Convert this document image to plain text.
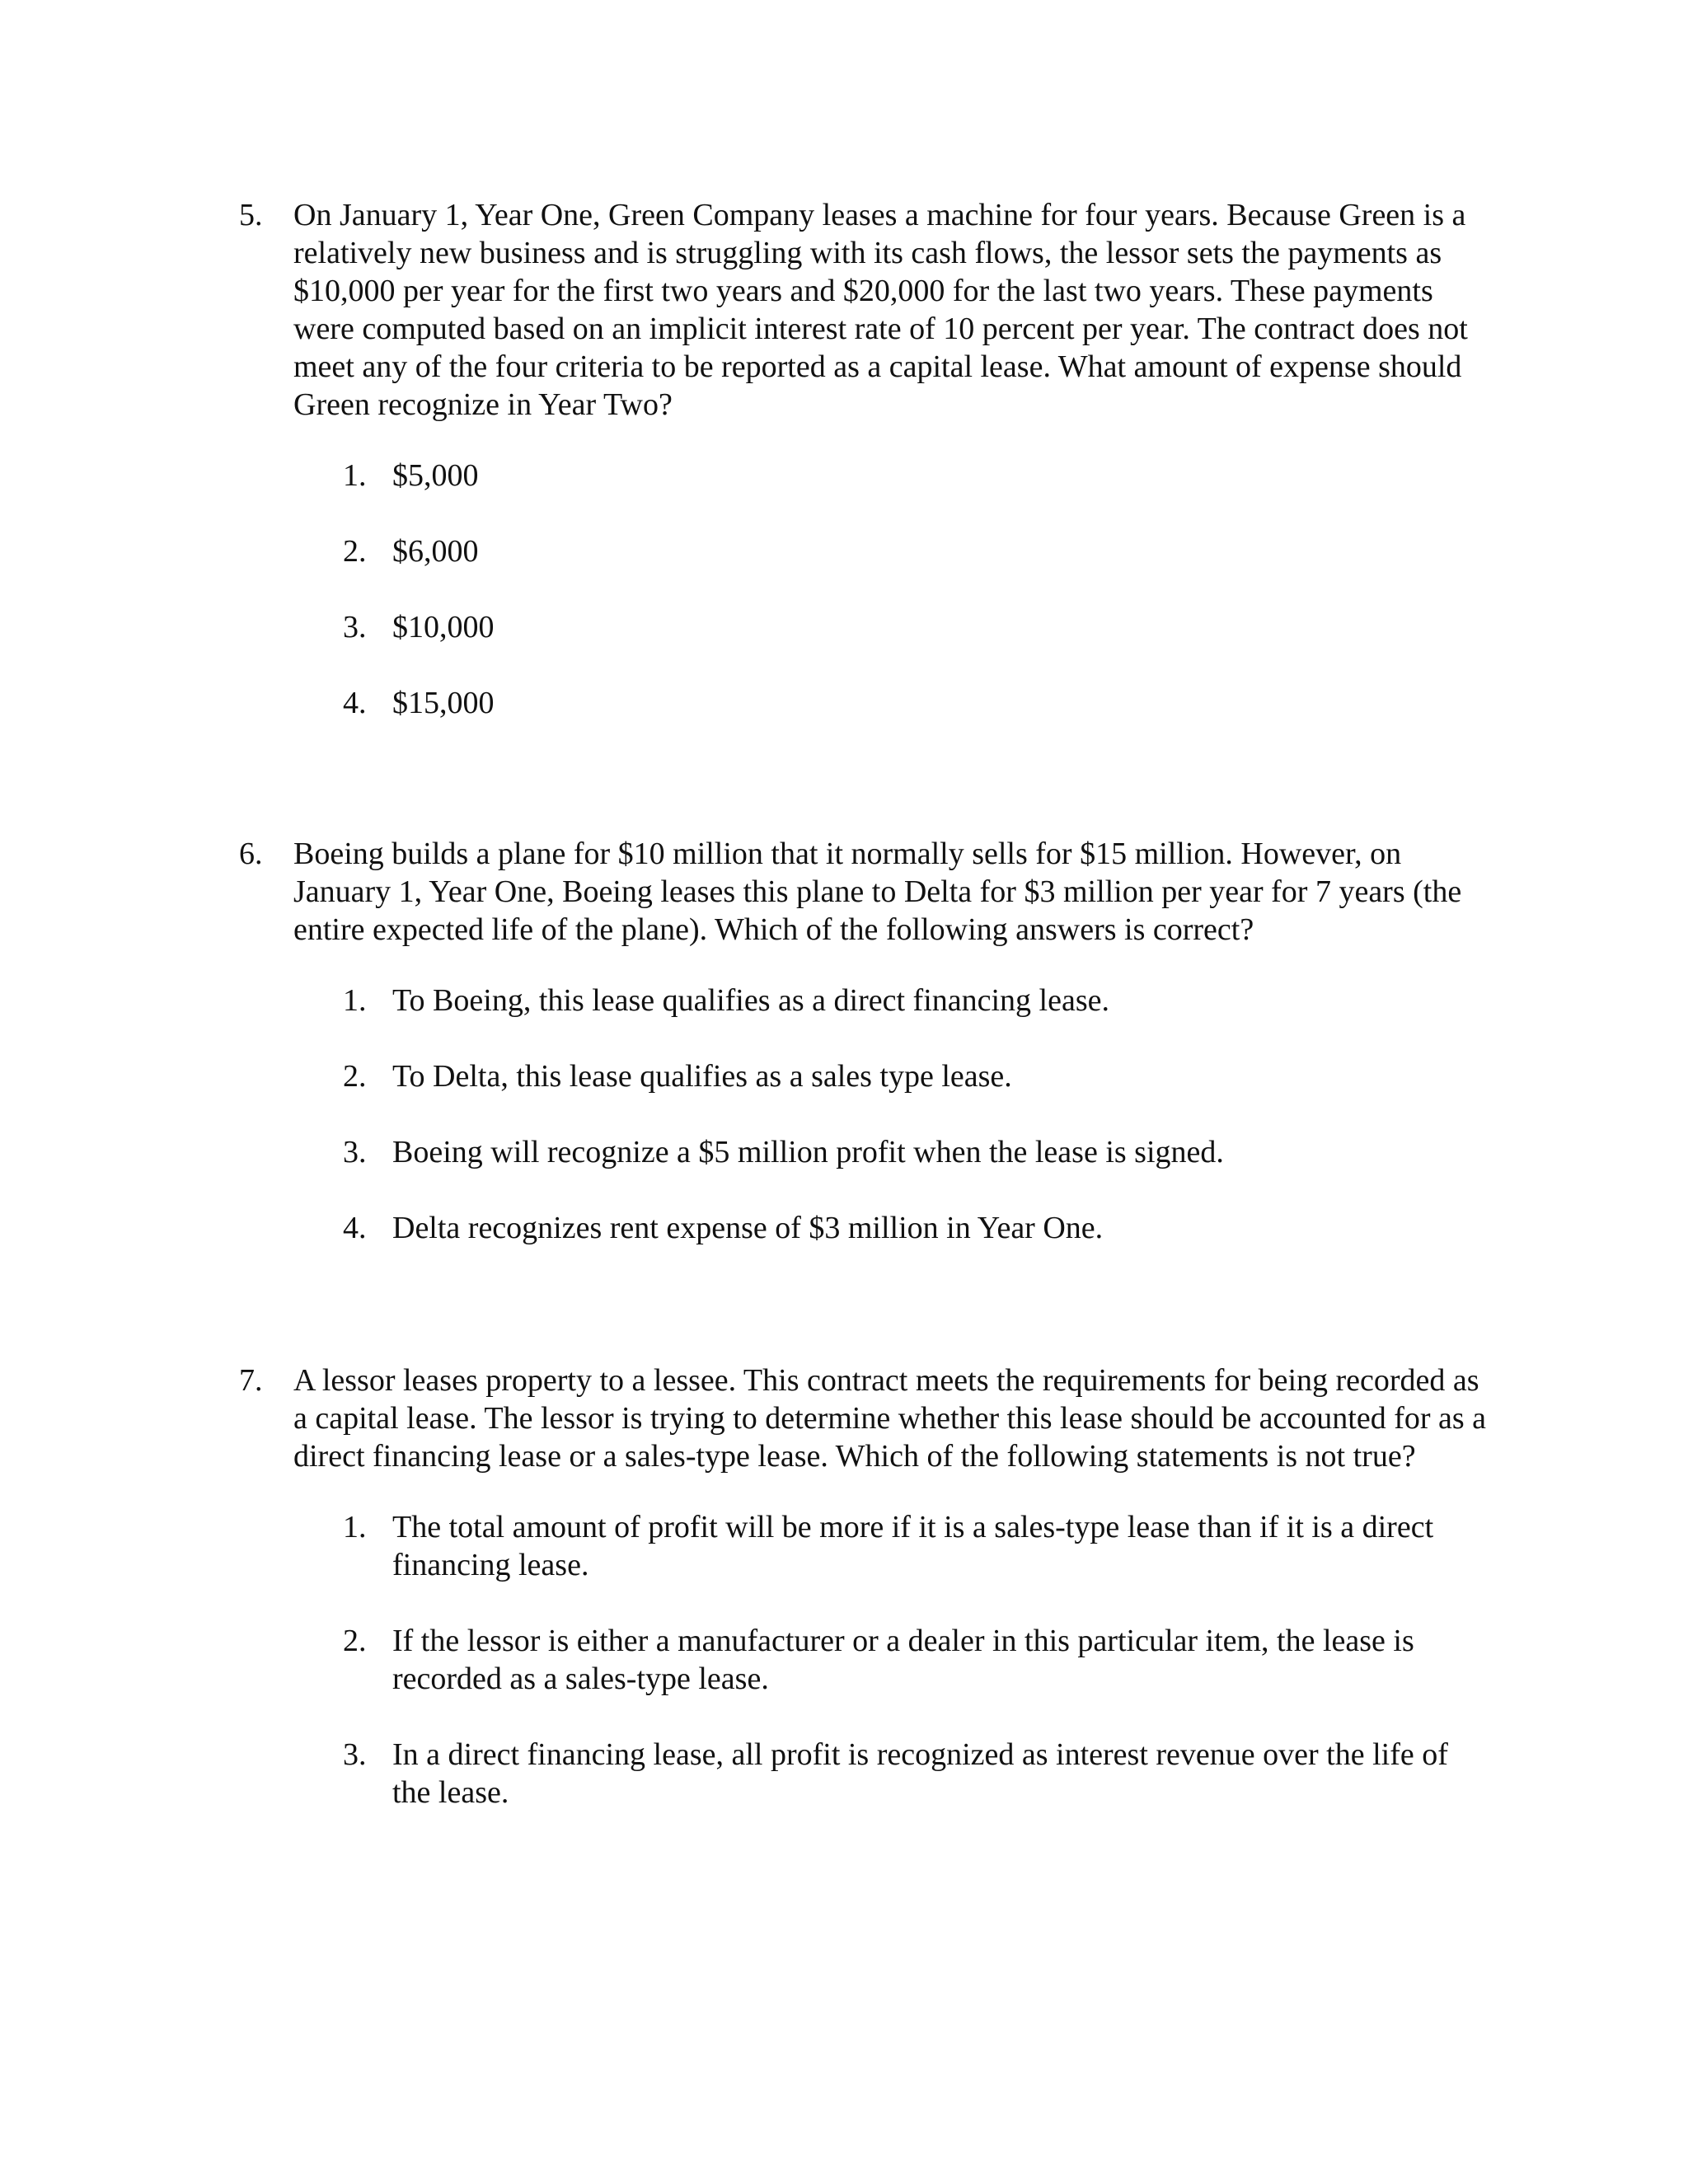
5. On January 1, Year One, Green Company leases a machine for four years. Because Green is a relatively new business and is struggling with its cash flows, the lessor sets the payments as $10,000 per year for the first two years and $20,000 for the last two years. These payments were computed based on an implicit interest rate of 10 percent per year. The contract does not meet any of the four criteria to be reported as a capital lease. What amount of expense should Green recognize in Year Two?
1. $5,000
2. $6,000
3. $10,000
4. $15,000
6. Boeing builds a plane for $10 million that it normally sells for $15 million. However, on January 1, Year One, Boeing leases this plane to Delta for $3 million per year for 7 years (the entire expected life of the plane). Which of the following answers is correct?
1. To Boeing, this lease qualifies as a direct financing lease.
2. To Delta, this lease qualifies as a sales type lease.
3. Boeing will recognize a $5 million profit when the lease is signed.
4. Delta recognizes rent expense of $3 million in Year One.
7. A lessor leases property to a lessee. This contract meets the requirements for being recorded as a capital lease. The lessor is trying to determine whether this lease should be accounted for as a direct financing lease or a sales-type lease. Which of the following statements is not true?
1. The total amount of profit will be more if it is a sales-type lease than if it is a direct financing lease.
2. If the lessor is either a manufacturer or a dealer in this particular item, the lease is recorded as a sales-type lease.
3. In a direct financing lease, all profit is recognized as interest revenue over the life of the lease.
